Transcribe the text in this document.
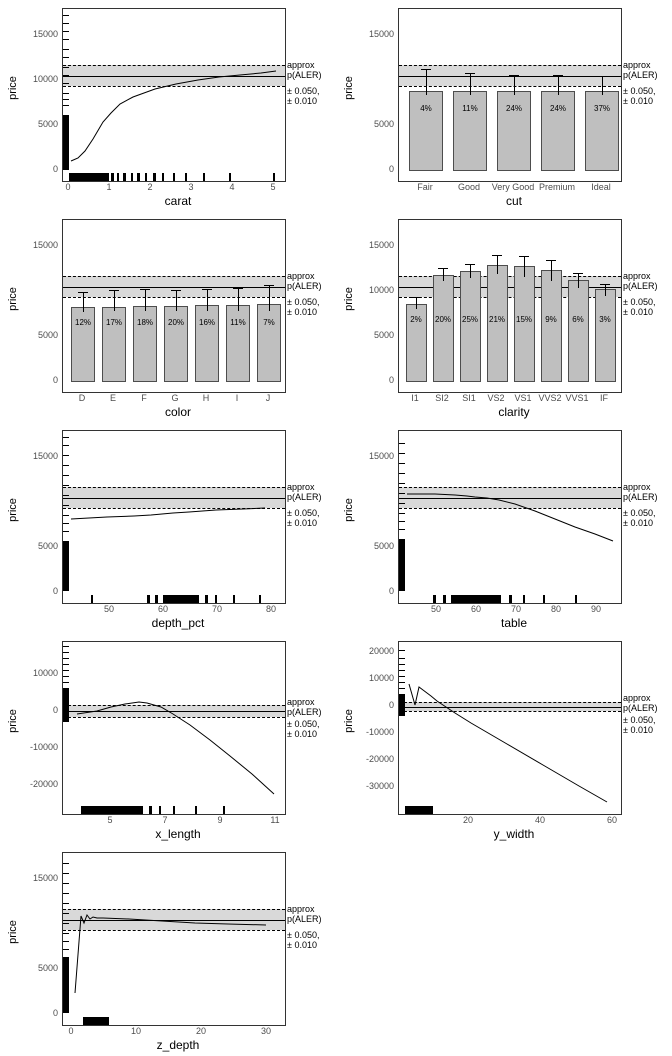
price
15000
10000
5000
0
0	1	2	3	4	5
approx
p(ALER)
± 0.050,
± 0.010
carat
price
15000
5000
0
4%	11%	24%	24%	37%
Fair	Good Very Good Premium Ideal
approx
p(ALER)
± 0.050,
± 0.010
cut
price
15000
5000
0
12% 17% 18% 20% 16% 11% 7%
D	E	F	G	H	I	J
approx
p(ALER)
± 0.050,
± 0.010
color
price
15000
10000
5000
0
2% 20% 25% 21% 15% 9% 6% 3%
I1 SI2 SI1 VS2 VS1 VVS2 VVS1 IF
approx
p(ALER)
± 0.050,
± 0.010
clarity
price
15000
5000
0
50	60	70	80
approx
p(ALER)
± 0.050,
± 0.010
depth_pct
price
15000
5000
0
50	60	70	80	90
approx
p(ALER)
± 0.050,
± 0.010
table
price
10000
0
-10000
-20000
5	7	9	11
approx
p(ALER)
± 0.050,
± 0.010
x_length
price
20000
10000
0
-10000
-20000
-30000
20	40	60
approx
p(ALER)
± 0.050,
± 0.010
y_width
price
15000
5000
0
0	10	20	30
approx
p(ALER)
± 0.050,
± 0.010
z_depth
